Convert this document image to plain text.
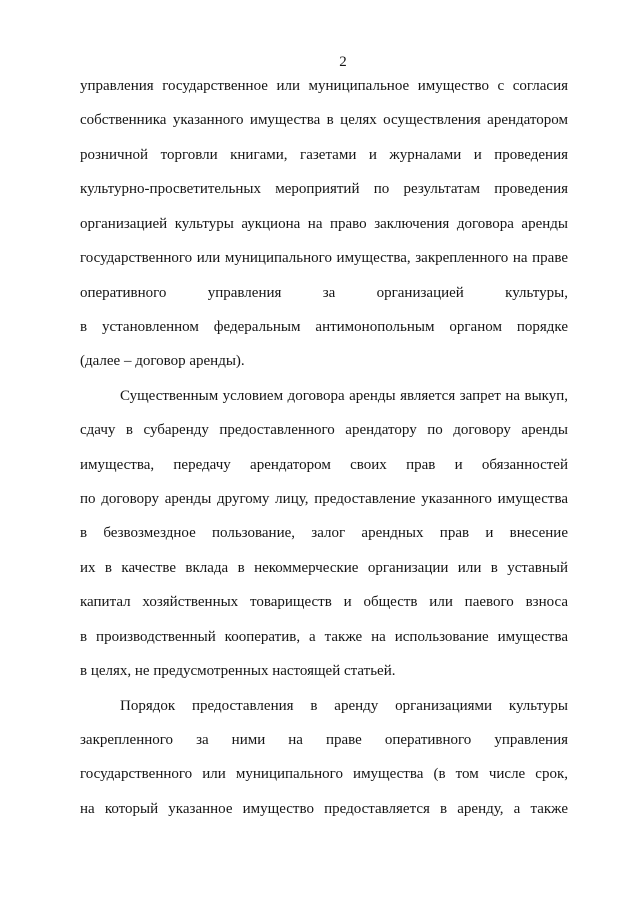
2
управления государственное или муниципальное имущество с согласия
собственника указанного имущества в целях осуществления арендатором
розничной торговли книгами, газетами и журналами и проведения
культурно-просветительных мероприятий по результатам проведения
организацией культуры аукциона на право заключения договора аренды
государственного или муниципального имущества, закрепленного на праве
оперативного управления за организацией культуры,
в установленном федеральным антимонопольным органом порядке
(далее – договор аренды).
Существенным условием договора аренды является запрет на выкуп,
сдачу в субаренду предоставленного арендатору по договору аренды
имущества, передачу арендатором своих прав и обязанностей
по договору аренды другому лицу, предоставление указанного имущества
в безвозмездное пользование, залог арендных прав и внесение
их в качестве вклада в некоммерческие организации или в уставный
капитал хозяйственных товариществ и обществ или паевого взноса
в производственный кооператив, а также на использование имущества
в целях, не предусмотренных настоящей статьей.
Порядок предоставления в аренду организациями культуры
закрепленного за ними на праве оперативного управления
государственного или муниципального имущества (в том числе срок,
на который указанное имущество предоставляется в аренду, а также
